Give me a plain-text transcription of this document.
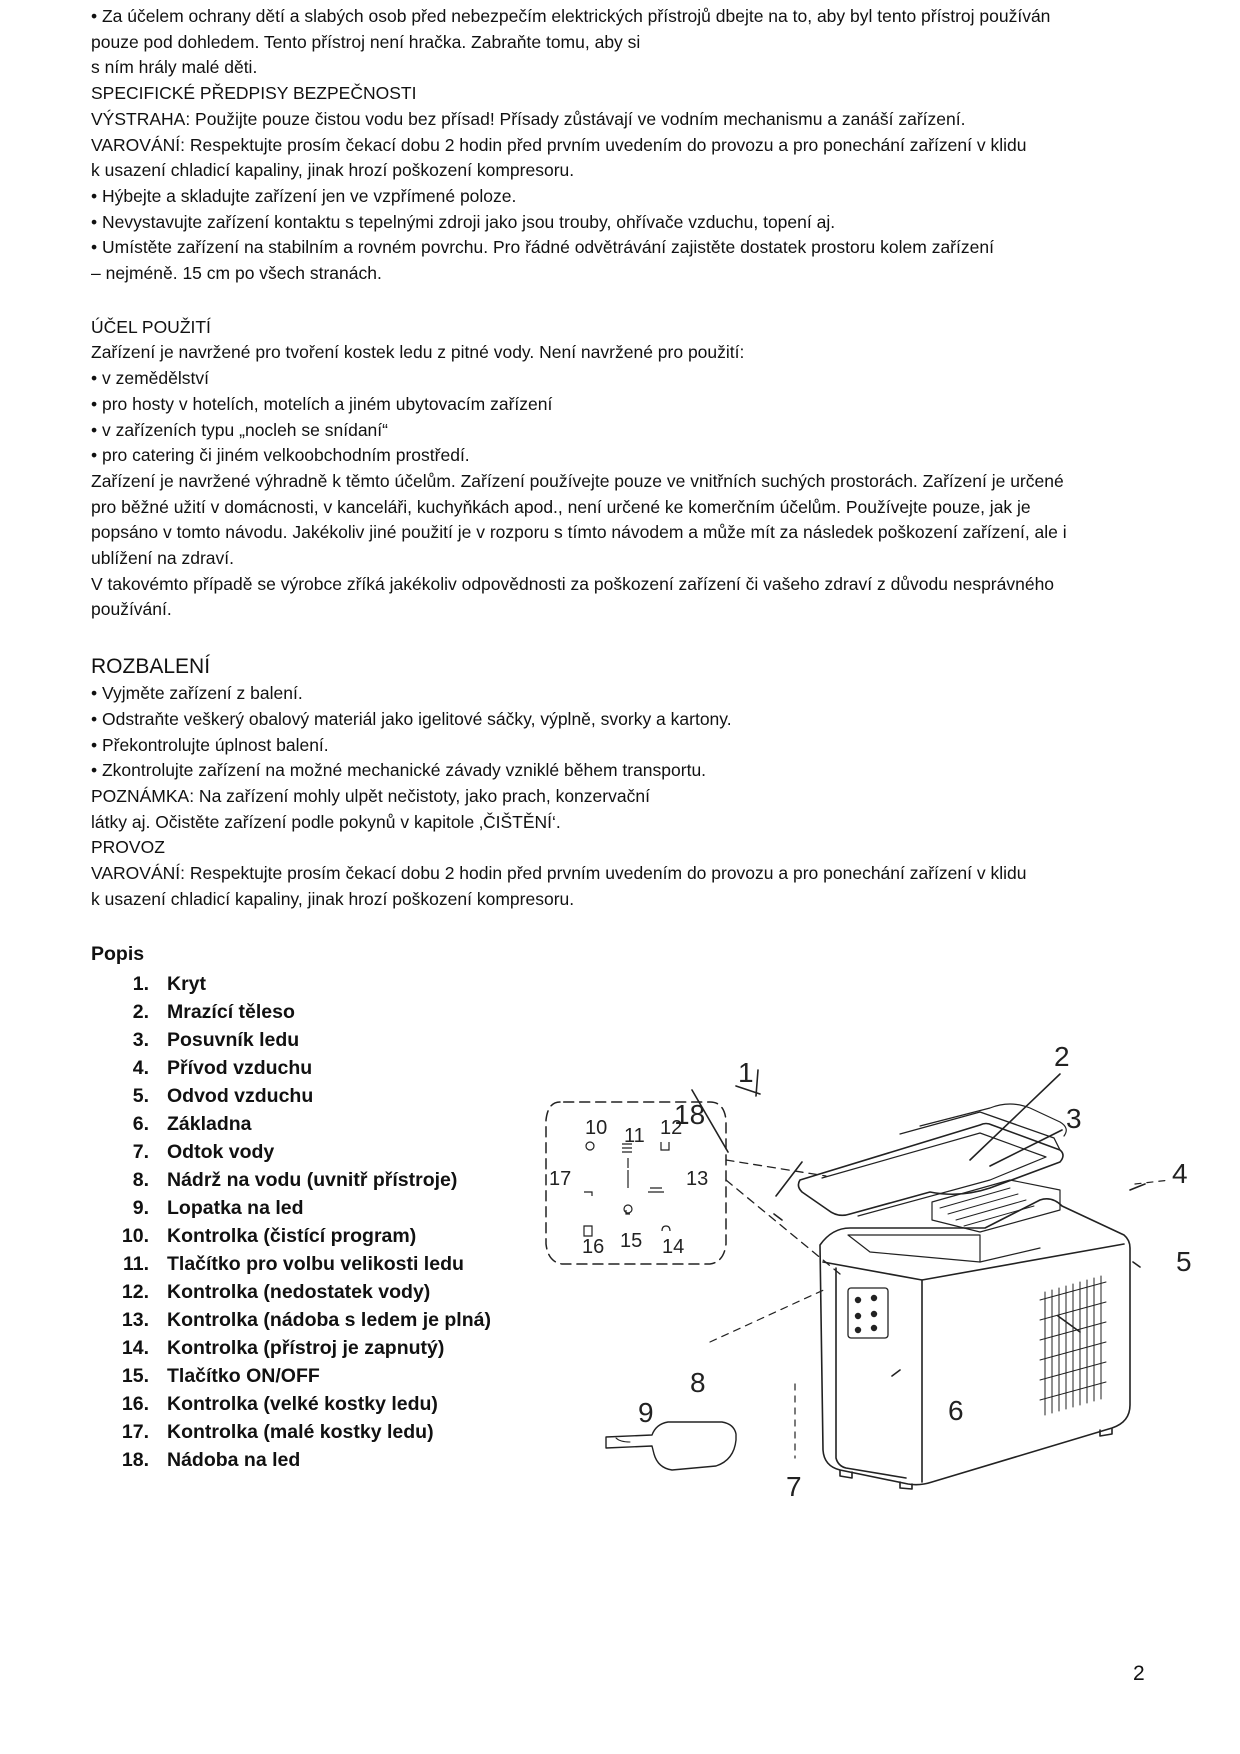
• Za účelem ochrany dětí a slabých osob před nebezpečím elektrických přístrojů dbejte na to, aby byl tento přístroj používán

pouze pod dohledem. Tento přístroj není hračka. Zabraňte tomu, aby si

s ním hrály malé děti.

SPECIFICKÉ PŘEDPISY BEZPEČNOSTI

VÝSTRAHA: Použijte pouze čistou vodu bez přísad! Přísady zůstávají ve vodním mechanismu a zanáší zařízení.

VAROVÁNÍ: Respektujte prosím čekací dobu 2 hodin před prvním uvedením do provozu a pro ponechání zařízení v klidu

k usazení chladicí kapaliny, jinak hrozí poškození kompresoru.

• Hýbejte a skladujte zařízení jen ve vzpřímené poloze.

• Nevystavujte zařízení kontaktu s tepelnými zdroji jako jsou trouby, ohřívače vzduchu, topení aj.

• Umístěte zařízení na stabilním a rovném povrchu. Pro řádné odvětrávání zajistěte dostatek prostoru kolem zařízení

– nejméně. 15 cm po všech stranách.

ÚČEL POUŽITÍ

Zařízení je navržené pro tvoření kostek ledu z pitné vody. Není navržené pro použití:

• v zemědělství

• pro hosty v hotelích, motelích a jiném ubytovacím zařízení

• v zařízeních typu „nocleh se snídaní“

• pro catering či jiném velkoobchodním prostředí.

Zařízení je navržené výhradně k těmto účelům. Zařízení používejte pouze ve vnitřních suchých prostorách. Zařízení je určené

pro běžné užití v domácnosti, v kanceláři, kuchyňkách apod., není určené ke komerčním účelům. Používejte pouze, jak je

popsáno v tomto návodu. Jakékoliv jiné použití je v rozporu s tímto návodem a může mít za následek poškození zařízení, ale i

ublížení na zdraví.

V takovémto případě se výrobce zříká jakékoliv odpovědnosti za poškození zařízení či vašeho zdraví z důvodu nesprávného

používání.

ROZBALENÍ

• Vyjměte zařízení z balení.

• Odstraňte veškerý obalový materiál jako igelitové sáčky, výplně, svorky a kartony.

• Překontrolujte úplnost balení.

• Zkontrolujte zařízení na možné mechanické závady vzniklé během transportu.

POZNÁMKA: Na zařízení mohly ulpět nečistoty, jako prach, konzervační

látky aj. Očistěte zařízení podle pokynů v kapitole ‚ČIŠTĚNÍ‘.

PROVOZ

VAROVÁNÍ: Respektujte prosím čekací dobu 2 hodin před prvním uvedením do provozu a pro ponechání zařízení v klidu

k usazení chladicí kapaliny, jinak hrozí poškození kompresoru.

Popis

1. Kryt
2. Mrazící těleso
3. Posuvník ledu
4. Přívod vzduchu
5. Odvod vzduchu
6. Základna
7. Odtok vody
8. Nádrž na vodu (uvnitř přístroje)
9. Lopatka na led
10. Kontrolka (čistící program)
11. Tlačítko pro volbu velikosti ledu
12. Kontrolka (nedostatek vody)
13. Kontrolka (nádoba s ledem je plná)
14. Kontrolka (přístroj je zapnutý)
15. Tlačítko ON/OFF
16. Kontrolka (velké kostky ledu)
17. Kontrolka (malé kostky ledu)
18. Nádoba na led
1
2
3
4
5
6
7
8
9
18
10 11 12
13
14
15
16
17
2
